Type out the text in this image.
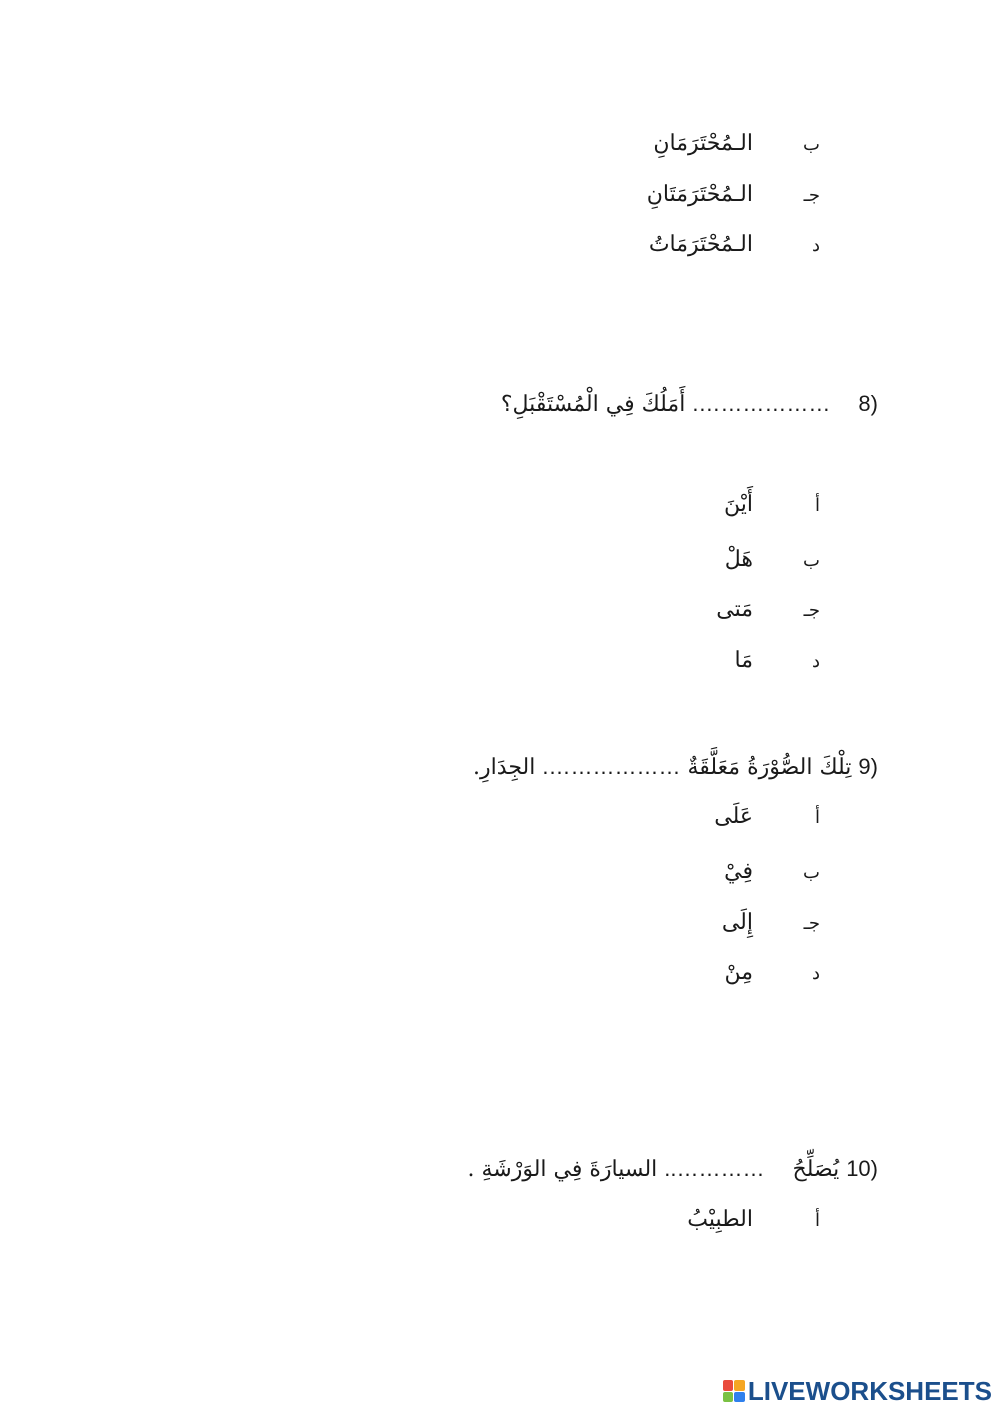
ب الـمُحْتَرَمَانِ
جـ الـمُحْتَرَمَتَانِ
د الـمُحْتَرَمَاتُ
(8    ………………. أَمَلُكَ فِي الْمُسْتَقْبَلِ؟
أ أَيْنَ
ب هَلْ
جـ مَتى
د مَا
(9 تِلْكَ الصُّوْرَةُ مَعَلَّقَةٌ ………………. الجِدَارِ.
أ عَلَى
ب فِيْ
جـ إِلَى
د مِنْ
(10 يُصَلِّحُ    ………….. السيارَةَ فِي الوَرْشَةِ .
أ الطبِيْبُ
LIVEWORKSHEETS
